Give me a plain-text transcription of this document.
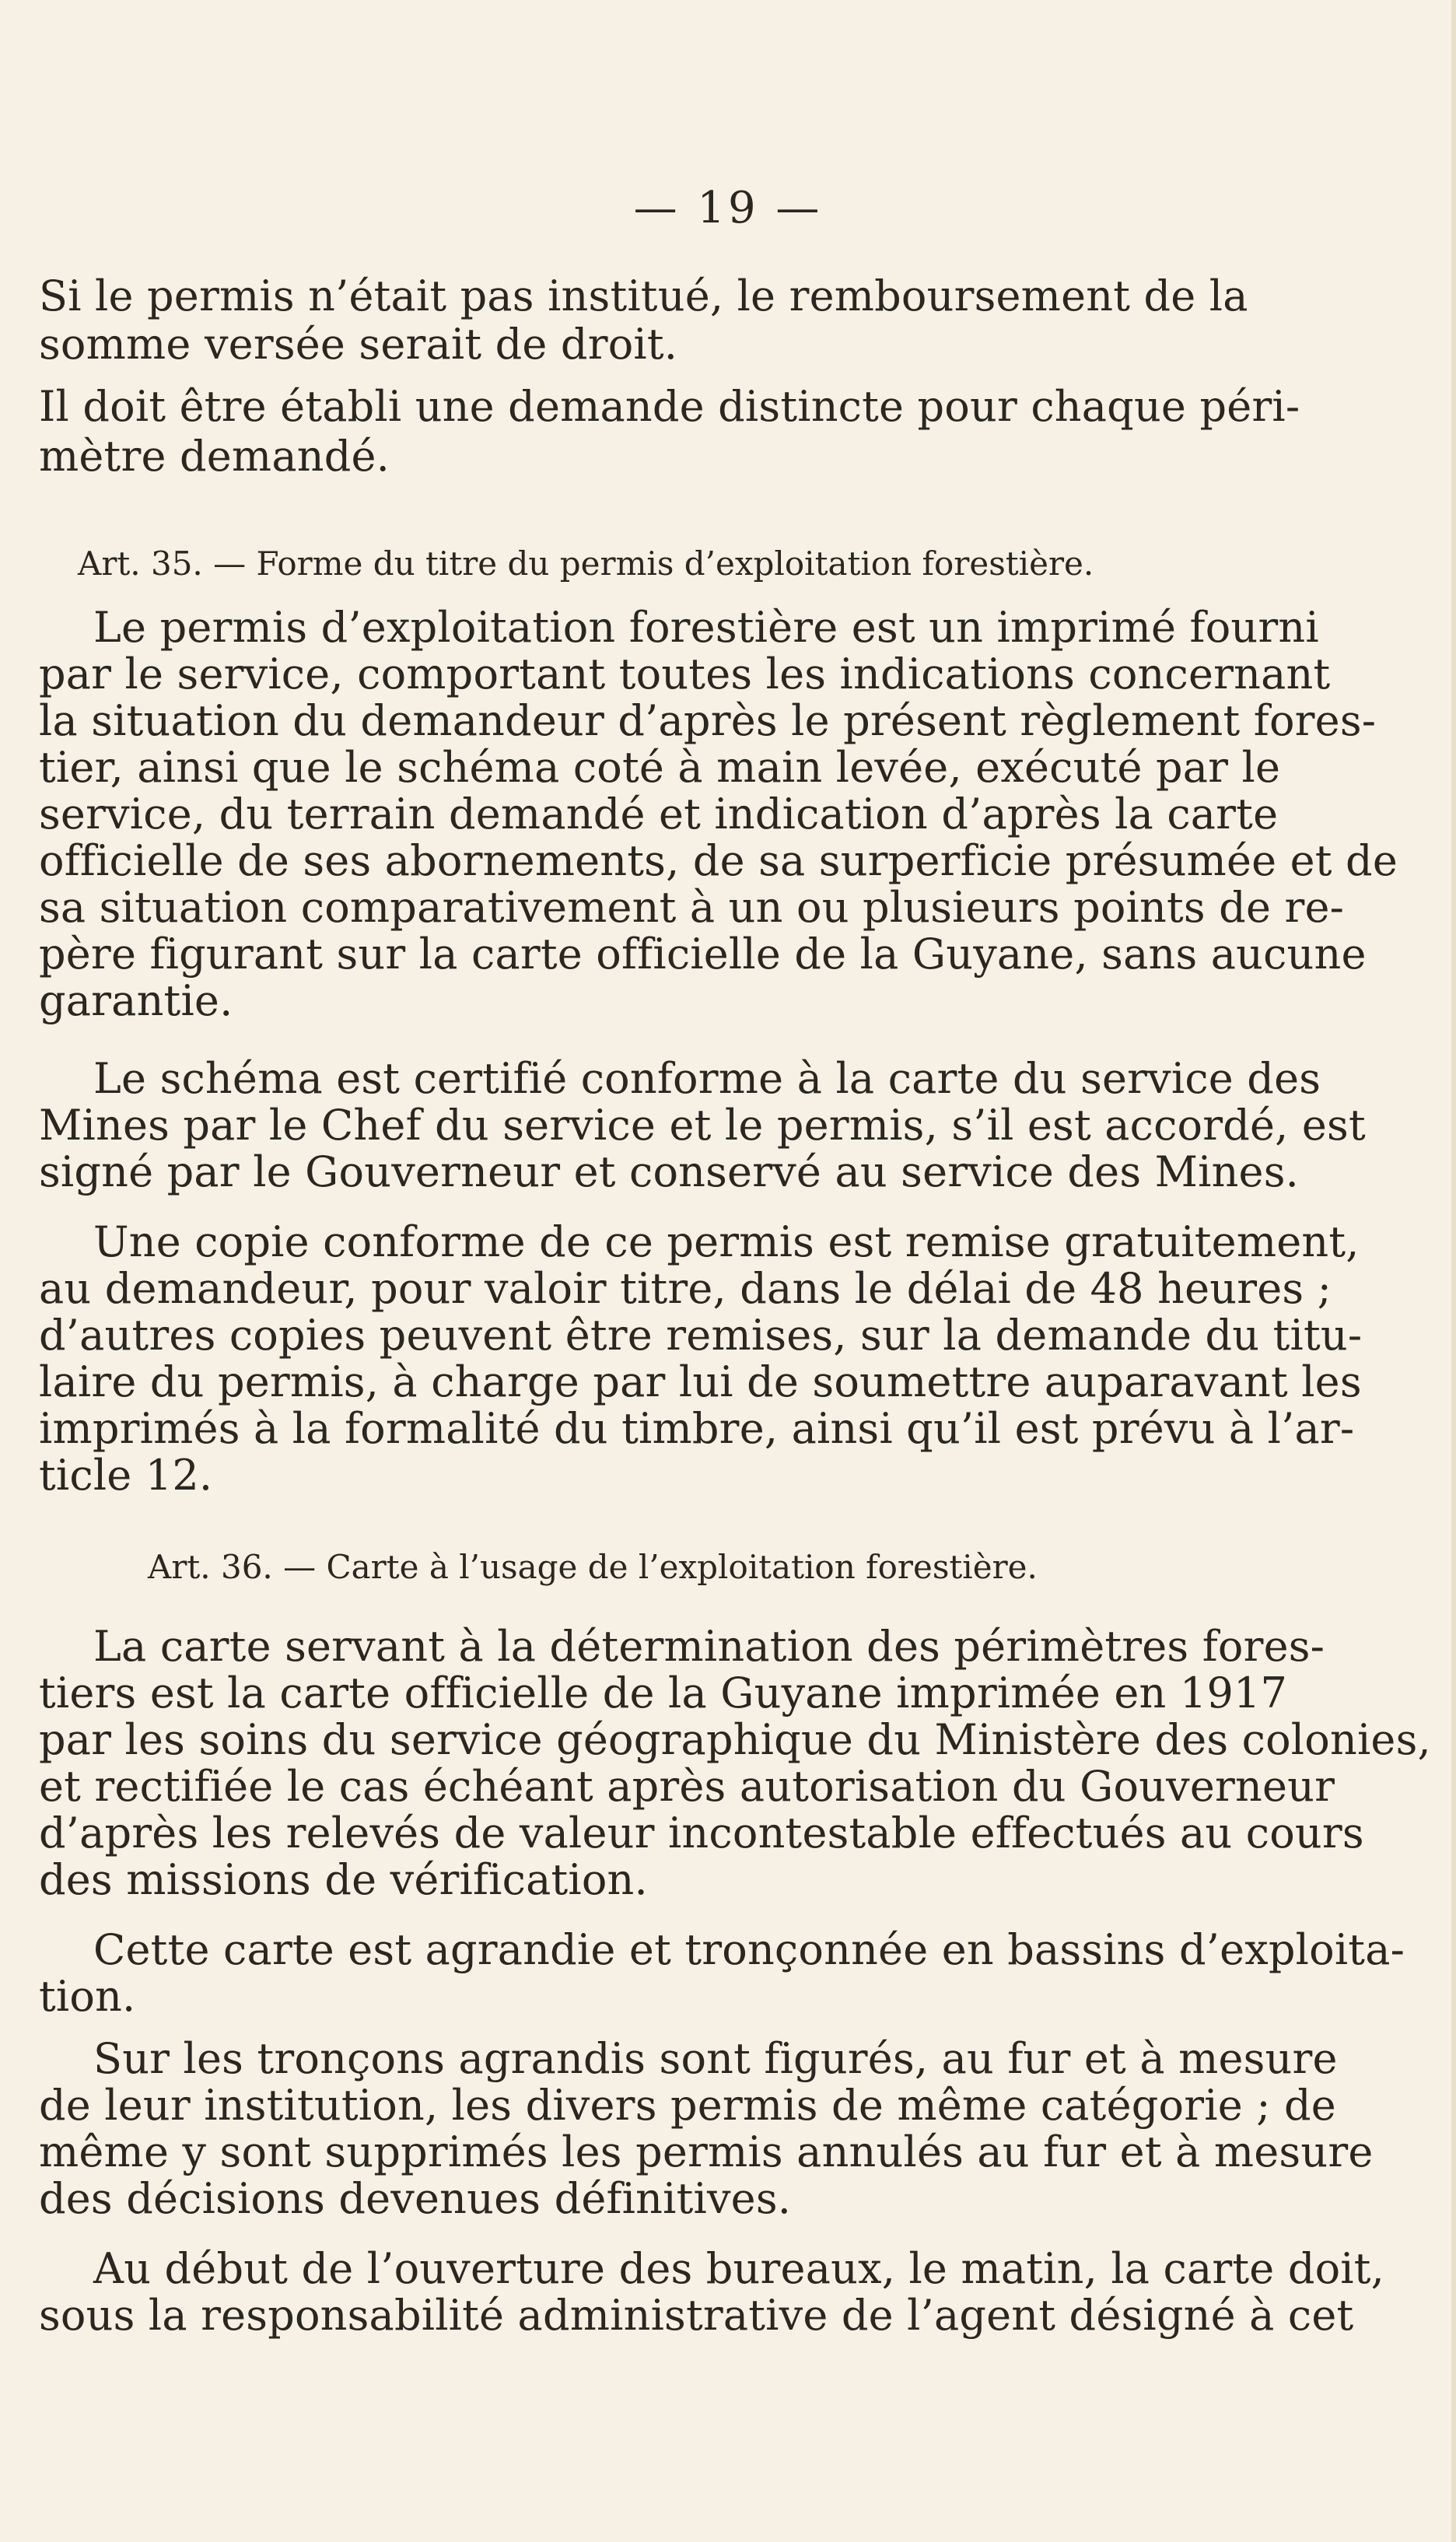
— 19 —

Si le permis n’était pas institué, le remboursement de la

somme versée serait de droit.

Il doit être établi une demande distincte pour chaque péri-

mètre demandé.

Art. 35. — Forme du titre du permis d’exploitation forestière.

Le permis d’exploitation forestière est un imprimé fourni

par le service, comportant toutes les indications concernant

la situation du demandeur d’après le présent règlement fores-

tier, ainsi que le schéma coté à main levée, exécuté par le

service, du terrain demandé et indication d’après la carte

officielle de ses abornements, de sa surperficie présumée et de

sa situation comparativement à un ou plusieurs points de re-

père figurant sur la carte officielle de la Guyane, sans aucune

garantie.

Le schéma est certifié conforme à la carte du service des

Mines par le Chef du service et le permis, s’il est accordé, est

signé par le Gouverneur et conservé au service des Mines.

Une copie conforme de ce permis est remise gratuitement,

au demandeur, pour valoir titre, dans le délai de 48 heures ;

d’autres copies peuvent être remises, sur la demande du titu-

laire du permis, à charge par lui de soumettre auparavant les

imprimés à la formalité du timbre, ainsi qu’il est prévu à l’ar-

ticle 12.

Art. 36. — Carte à l’usage de l’exploitation forestière.

La carte servant à la détermination des périmètres fores-

tiers est la carte officielle de la Guyane imprimée en 1917

par les soins du service géographique du Ministère des colonies,

et rectifiée le cas échéant après autorisation du Gouverneur

d’après les relevés de valeur incontestable effectués au cours

des missions de vérification.

Cette carte est agrandie et tronçonnée en bassins d’exploita-

tion.

Sur les tronçons agrandis sont figurés, au fur et à mesure

de leur institution, les divers permis de même catégorie ; de

même y sont supprimés les permis annulés au fur et à mesure

des décisions devenues définitives.

Au début de l’ouverture des bureaux, le matin, la carte doit,

sous la responsabilité administrative de l’agent désigné à cet
